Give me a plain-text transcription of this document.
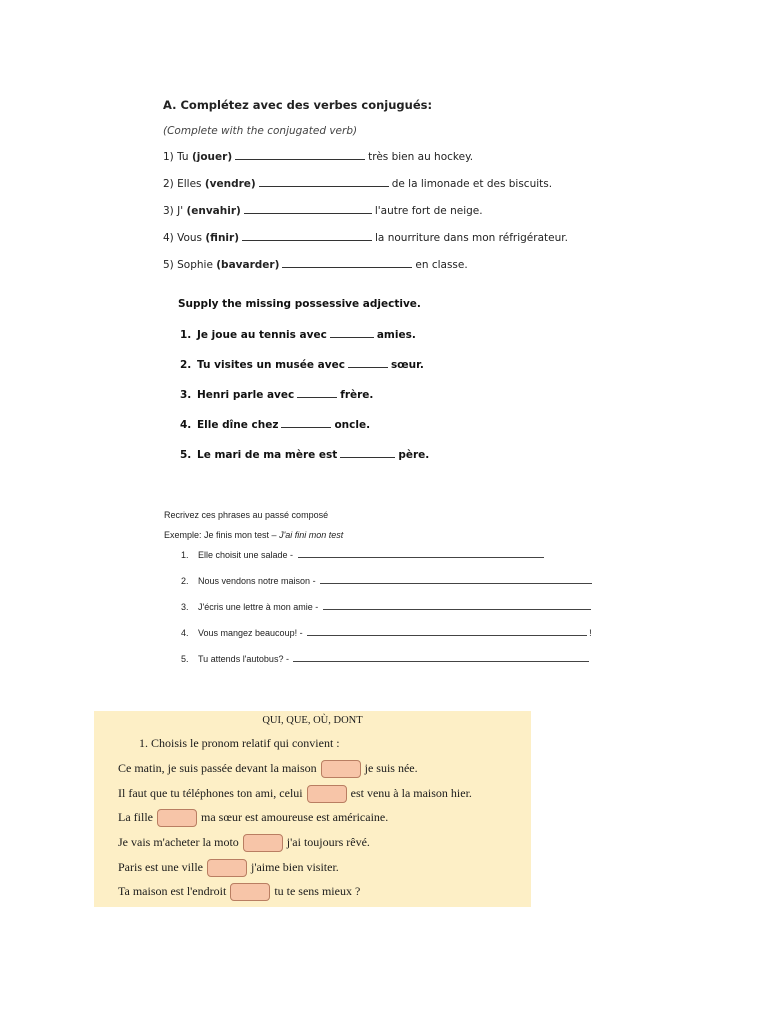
A. Complétez avec des verbes conjugués:
(Complete with the conjugated verb)
1) Tu (jouer)	très bien au hockey.
2) Elles (vendre)	de la limonade et des biscuits.
3) J' (envahir)	l'autre fort de neige.
4) Vous (finir)	la nourriture dans mon réfrigérateur.
5) Sophie (bavarder)	en classe.
Supply the missing possessive adjective.
1. Je joue au tennis avec	amies.
2. Tu visites un musée avec	sœur.
3. Henri parle avec	frère.
4. Elle dîne chez	oncle.
5. Le mari de ma mère est	père.
Recrivez ces phrases au passé composé
Exemple: Je finis mon test – J'ai fini mon test
1. Elle choisit une salade -
2. Nous vendons notre maison -
3. J'écris une lettre à mon amie -
4. Vous mangez beaucoup! -	!
5. Tu attends l'autobus? -
QUI, QUE, OÙ, DONT
1. Choisis le pronom relatif qui convient :
Ce matin, je suis passée devant la maison	je suis née.
Il faut que tu téléphones ton ami, celui	est venu à la maison hier.
La fille	ma sœur est amoureuse est américaine.
Je vais m'acheter la moto	j'ai toujours rêvé.
Paris est une ville	j'aime bien visiter.
Ta maison est l'endroit	tu te sens mieux ?
